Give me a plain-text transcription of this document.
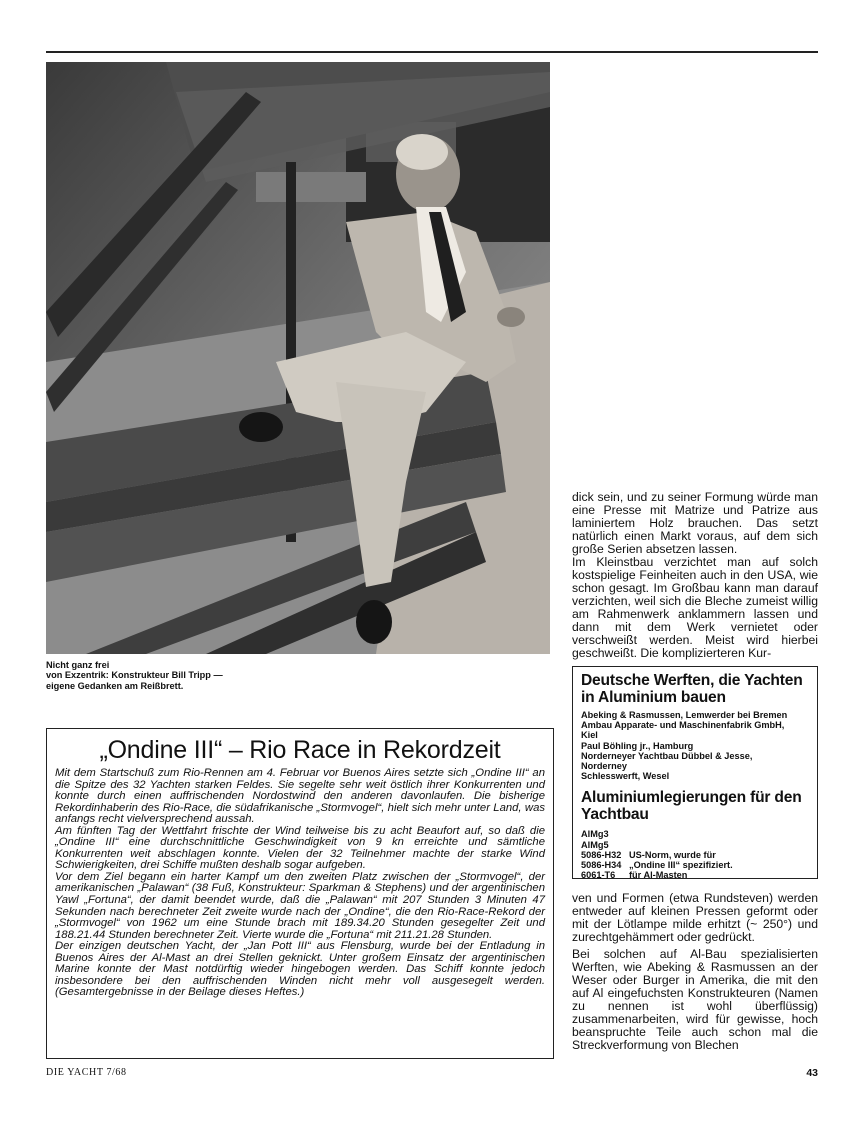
Nicht ganz frei
von Exzentrik: Konstrukteur Bill Tripp —
eigene Gedanken am Reißbrett.

dick sein, und zu seiner Formung würde man eine Presse mit Matrize und Patrize aus laminiertem Holz brauchen. Das setzt natürlich einen Markt voraus, auf dem sich große Serien absetzen lassen.

Im Kleinstbau verzichtet man auf solch kostspielige Feinheiten auch in den USA, wie schon gesagt. Im Großbau kann man darauf verzichten, weil sich die Bleche zumeist willig am Rahmenwerk anklammern lassen und dann mit dem Werk vernietet oder verschweißt werden. Meist wird hierbei geschweißt. Die komplizierteren Kur-

Deutsche Werften, die Yachten in Aluminium bauen
Abeking & Rasmussen, Lemwerder bei Bremen
Ambau Apparate- und Maschinenfabrik GmbH,
Kiel
Paul Böhling jr., Hamburg
Norderneyer Yachtbau Dübbel & Jesse,
Norderney
Schlesswerft, Wesel
Aluminiumlegierungen für den Yachtbau
AlMg3
AlMg5
5086-H32 US-Norm, wurde für
5086-H34 „Ondine III“ spezifiziert.
6061-T6	für Al-Masten

ven und Formen (etwa Rundsteven) werden entweder auf kleinen Pressen geformt oder mit der Lötlampe milde erhitzt (~ 250°) und zurechtgehämmert oder gedrückt.

Bei solchen auf Al-Bau spezialisierten Werften, wie Abeking & Rasmussen an der Weser oder Burger in Amerika, die mit den auf Al eingefuchsten Konstrukteuren (Namen zu nennen ist wohl überflüssig) zusammenarbeiten, wird für gewisse, hoch beanspruchte Teile auch schon mal die Streckverformung von Blechen

„Ondine III“ – Rio Race in Rekordzeit

Mit dem Startschuß zum Rio-Rennen am 4. Februar vor Buenos Aires setzte sich „Ondine III“ an die Spitze des 32 Yachten starken Feldes. Sie segelte sehr weit östlich ihrer Konkurrenten und konnte durch einen auffrischenden Nordostwind den anderen davonlaufen. Die bisherige Rekordinhaberin des Rio-Race, die südafrikanische „Stormvogel“, hielt sich mehr unter Land, was anfangs recht vielversprechend aussah.

Am fünften Tag der Wettfahrt frischte der Wind teilweise bis zu acht Beaufort auf, so daß die „Ondine III“ eine durchschnittliche Geschwindigkeit von 9 kn erreichte und sämtliche Konkurrenten weit abschlagen konnte. Vielen der 32 Teilnehmer machte der starke Wind Schwierigkeiten, drei Schiffe mußten deshalb sogar aufgeben.

Vor dem Ziel begann ein harter Kampf um den zweiten Platz zwischen der „Stormvogel“, der amerikanischen „Palawan“ (38 Fuß, Konstrukteur: Sparkman & Stephens) und der argentinischen Yawl „Fortuna“, der damit beendet wurde, daß die „Palawan“ mit 207 Stunden 3 Minuten 47 Sekunden nach berechneter Zeit zweite wurde nach der „Ondine“, die den Rio-Race-Rekord der „Stormvogel“ von 1962 um eine Stunde brach mit 189.34.20 Stunden gesegelter Zeit und 188.21.44 Stunden berechneter Zeit. Vierte wurde die „Fortuna“ mit 211.21.28 Stunden.

Der einzigen deutschen Yacht, der „Jan Pott III“ aus Flensburg, wurde bei der Entladung in Buenos Aires der Al-Mast an drei Stellen geknickt. Unter großem Einsatz der argentinischen Marine konnte der Mast notdürftig wieder hingebogen werden. Das Schiff konnte jedoch insbesondere bei den auffrischenden Winden nicht mehr voll ausgesegelt werden. (Gesamtergebnisse in der Beilage dieses Heftes.)

DIE YACHT 7/68	43
